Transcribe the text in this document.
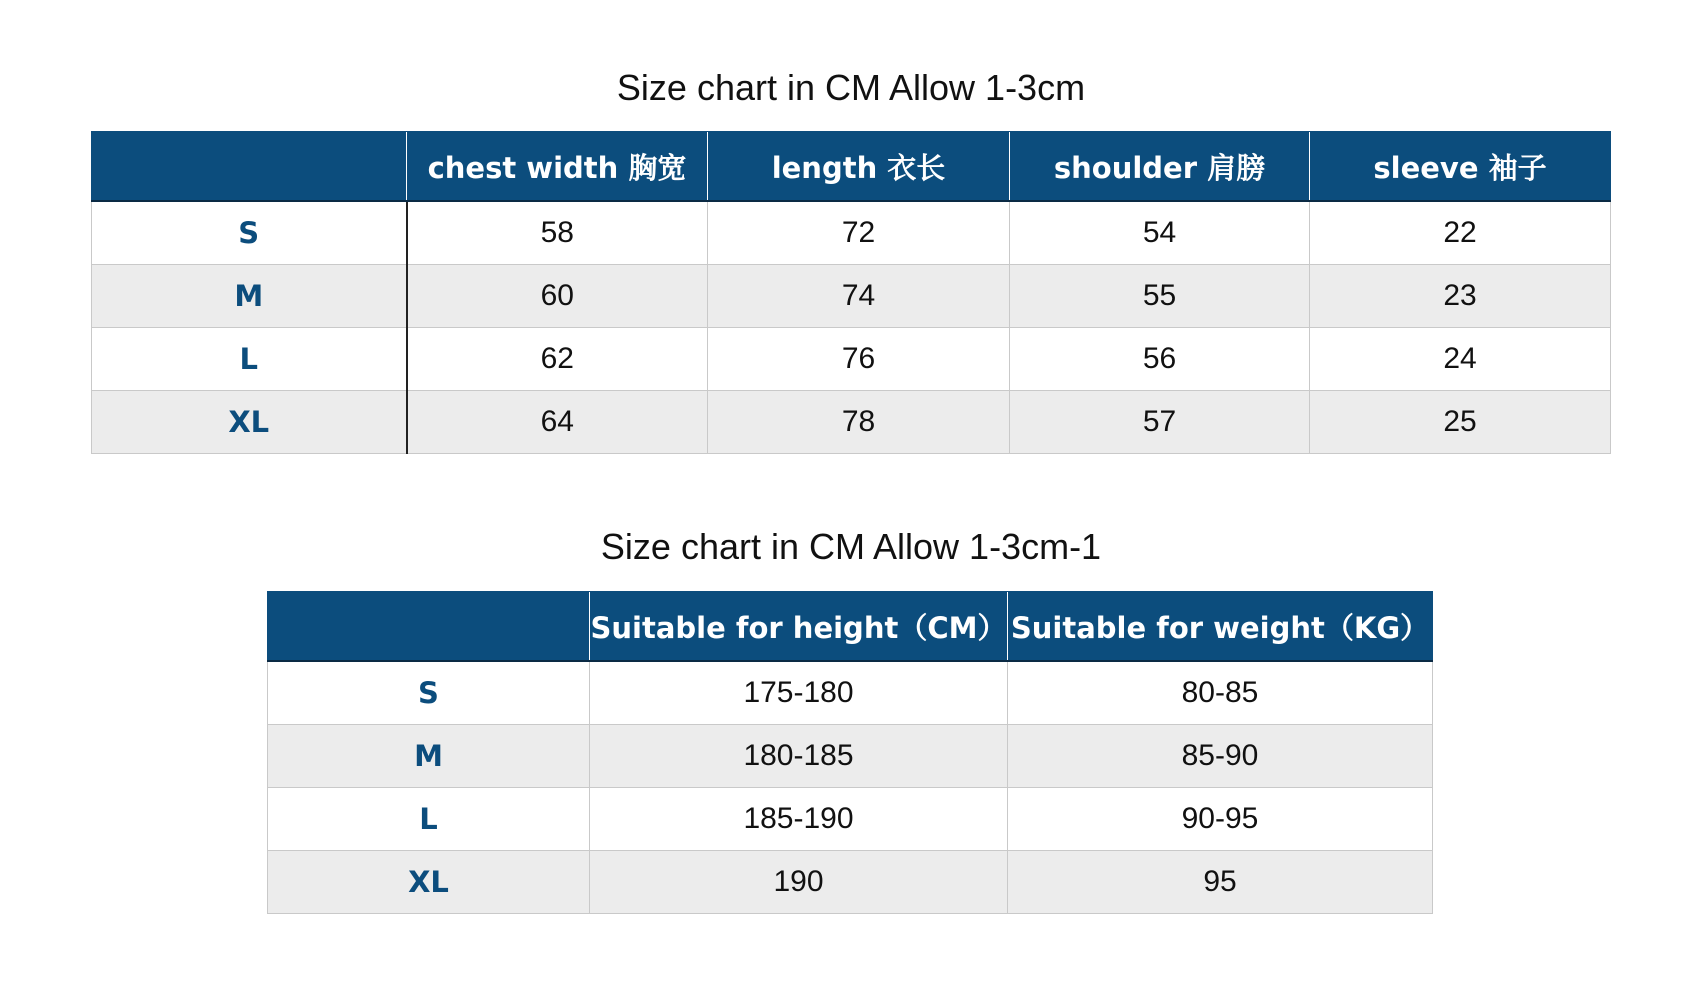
Size chart in CM Allow 1-3cm
	chest width 胸宽	length 衣长	shoulder 肩膀	sleeve 袖子
S	58	72	54	22
M	60	74	55	23
L	62	76	56	24
XL	64	78	57	25
Size chart in CM Allow 1-3cm-1
	Suitable for height（CM）	Suitable for weight（KG）
S	175-180	80-85
M	180-185	85-90
L	185-190	90-95
XL	190	95
